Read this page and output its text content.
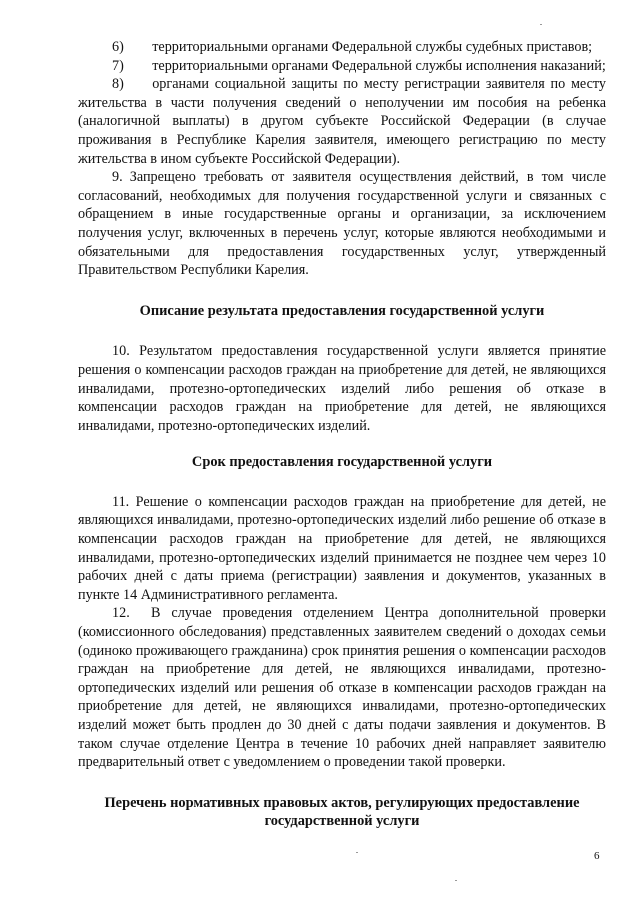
6)  территориальными органами Федеральной службы судебных приставов;

7)  территориальными органами Федеральной службы исполнения наказаний;

8)  органами социальной защиты по месту регистрации заявителя по месту жительства в части получения сведений о неполучении им пособия на ребенка (аналогичной выплаты) в другом субъекте Российской Федерации (в случае проживания в Республике Карелия заявителя, имеющего регистрацию по месту жительства в ином субъекте Российской Федерации).

9. Запрещено требовать от заявителя осуществления действий, в том числе согласований, необходимых для получения государственной услуги и связанных с обращением в иные государственные органы и организации, за исключением получения услуг, включенных в перечень услуг, которые являются необходимыми и обязательными для предоставления государственных услуг, утвержденный Правительством Республики Карелия.

Описание результата предоставления государственной услуги

10. Результатом предоставления государственной услуги является принятие решения о компенсации расходов граждан на приобретение для детей, не являющихся инвалидами, протезно-ортопедических изделий либо решения об отказе в компенсации расходов граждан на приобретение для детей, не являющихся инвалидами, протезно-ортопедических изделий.

Срок предоставления государственной услуги

11. Решение о компенсации расходов граждан на приобретение для детей, не являющихся инвалидами, протезно-ортопедических изделий либо решение об отказе в компенсации расходов граждан на приобретение для детей, не являющихся инвалидами, протезно-ортопедических изделий принимается не позднее чем через 10 рабочих дней с даты приема (регистрации) заявления и документов, указанных в пункте 14 Административного регламента.

12.  В случае проведения отделением Центра дополнительной проверки (комиссионного обследования) представленных заявителем сведений о доходах семьи (одиноко проживающего гражданина) срок принятия решения о компенсации расходов граждан на приобретение для детей, не являющихся инвалидами, протезно-ортопедических изделий или решения об отказе в компенсации расходов граждан на приобретение для детей, не являющихся инвалидами, протезно-ортопедических изделий может быть продлен до 30 дней с даты подачи заявления и документов. В таком случае отделение Центра в течение 10 рабочих дней направляет заявителю предварительный ответ с уведомлением о проведении такой проверки.

Перечень нормативных правовых актов, регулирующих предоставление государственной услуги

6
